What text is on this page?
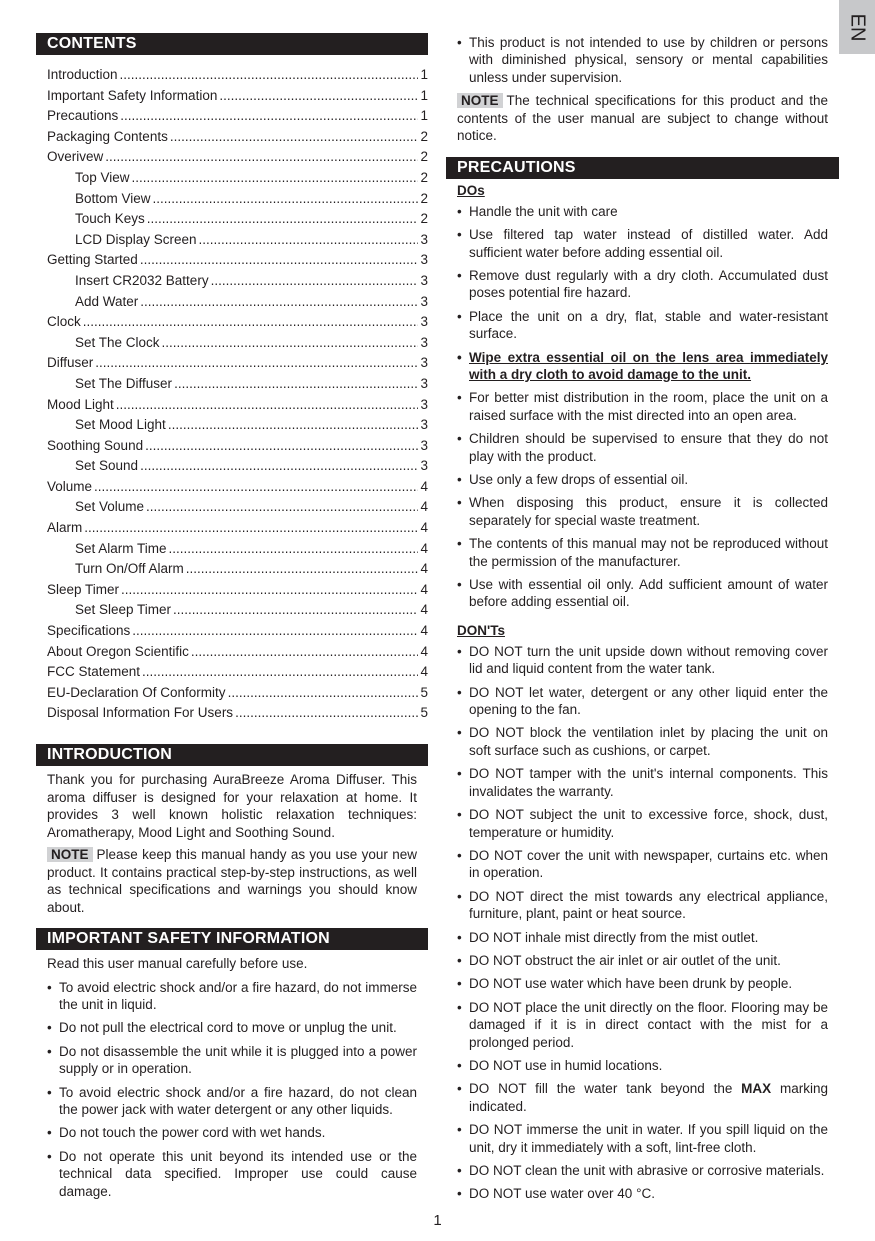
EN
CONTENTS
Introduction .....	1
Important Safety Information .....	1
Precautions .....	1
Packaging Contents .....	2
Overivew .....	2
Top View .....	2
Bottom View .....	2
Touch Keys .....	2
LCD Display Screen .....	3
Getting Started .....	3
Insert CR2032 Battery .....	3
Add Water .....	3
Clock .....	3
Set The Clock .....	3
Diffuser .....	3
Set The Diffuser .....	3
Mood Light .....	3
Set Mood Light .....	3
Soothing Sound .....	3
Set Sound .....	3
Volume .....	4
Set Volume .....	4
Alarm .....	4
Set Alarm Time .....	4
Turn On/Off Alarm .....	4
Sleep Timer .....	4
Set Sleep Timer .....	4
Specifications .....	4
About Oregon Scientific .....	4
FCC Statement .....	4
EU-Declaration Of Conformity .....	5
Disposal Information For Users .....	5
INTRODUCTION

Thank you for purchasing AuraBreeze Aroma Diffuser. This aroma diffuser is designed for your relaxation at home. It provides 3 well known holistic relaxation techniques: Aromatherapy, Mood Light and Soothing Sound.

NOTE Please keep this manual handy as you use your new product. It contains practical step-by-step instructions, as well as technical specifications and warnings you should know about.

IMPORTANT SAFETY INFORMATION

Read this user manual carefully before use.

• To avoid electric shock and/or a fire hazard, do not immerse the unit in liquid.
• Do not pull the electrical cord to move or unplug the unit.
• Do not disassemble the unit while it is plugged into a power supply or in operation.
• To avoid electric shock and/or a fire hazard, do not clean the power jack with water detergent or any other liquids.
• Do not touch the power cord with wet hands.
• Do not operate this unit beyond its intended use or the technical data specified. Improper use could cause damage.
• This product is not intended to use by children or persons with diminished physical, sensory or mental capabilities unless under supervision.

NOTE The technical specifications for this product and the contents of the user manual are subject to change without notice.

PRECAUTIONS
DOs
• Handle the unit with care
• Use filtered tap water instead of distilled water. Add sufficient water before adding essential oil.
• Remove dust regularly with a dry cloth. Accumulated dust poses potential fire hazard.
• Place the unit on a dry, flat, stable and water-resistant surface.
• Wipe extra essential oil on the lens area immediately with a dry cloth to avoid damage to the unit.
• For better mist distribution in the room, place the unit on a raised surface with the mist directed into an open area.
• Children should be supervised to ensure that they do not play with the product.
• Use only a few drops of essential oil.
• When disposing this product, ensure it is collected separately for special waste treatment.
• The contents of this manual may not be reproduced without the permission of the manufacturer.
• Use with essential oil only. Add sufficient amount of water before adding essential oil.
DON'Ts
• DO NOT turn the unit upside down without removing cover lid and liquid content from the water tank.
• DO NOT let water, detergent or any other liquid enter the opening to the fan.
• DO NOT block the ventilation inlet by placing the unit on soft surface such as cushions, or carpet.
• DO NOT tamper with the unit's internal components. This invalidates the warranty.
• DO NOT subject the unit to excessive force, shock, dust, temperature or humidity.
• DO NOT cover the unit with newspaper, curtains etc. when in operation.
• DO NOT direct the mist towards any electrical appliance, furniture, plant, paint or heat source.
• DO NOT inhale mist directly from the mist outlet.
• DO NOT obstruct the air inlet or air outlet of the unit.
• DO NOT use water which have been drunk by people.
• DO NOT place the unit directly on the floor. Flooring may be damaged if it is in direct contact with the mist for a prolonged period.
• DO NOT use in humid locations.
• DO NOT fill the water tank beyond the MAX marking indicated.
• DO NOT immerse the unit in water. If you spill liquid on the unit, dry it immediately with a soft, lint-free cloth.
• DO NOT clean the unit with abrasive or corrosive materials.
• DO NOT use water over 40 °C.
1
